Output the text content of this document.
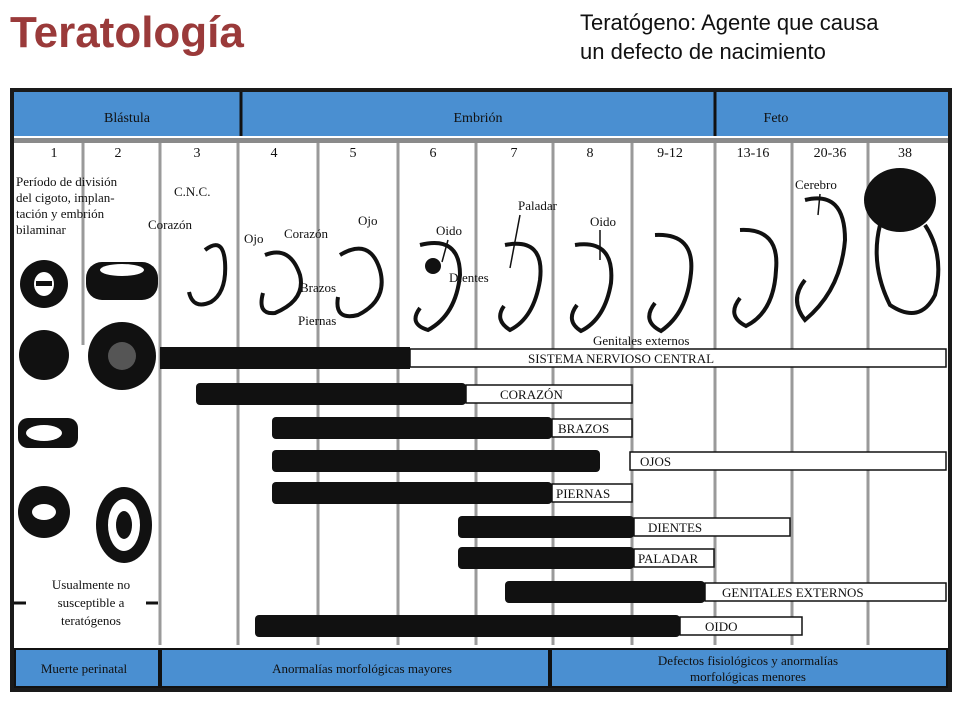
Teratología	Teratógeno: Agente que causa
un defecto de nacimiento
Blástula	Embrión	Feto
1	2	3	4	5	6	7	8	9-12	13-16	20-36	38
Período de división
del cigoto, implan-
tación y embrión
bilaminar
C.N.C.
Corazón
Ojo Corazón
Ojo
Brazos
Piernas
Oido
Dientes
Paladar
Oido
Genitales externos
Cerebro
Usualmente no
susceptible a
teratógenos
SISTEMA NERVIOSO CENTRAL
CORAZÓN
BRAZOS
OJOS
PIERNAS
DIENTES
PALADAR
GENITALES EXTERNOS
OIDO
Muerte perinatal	Anormalías morfológicas mayores
Defectos fisiológicos y anormalías
morfológicas menores
